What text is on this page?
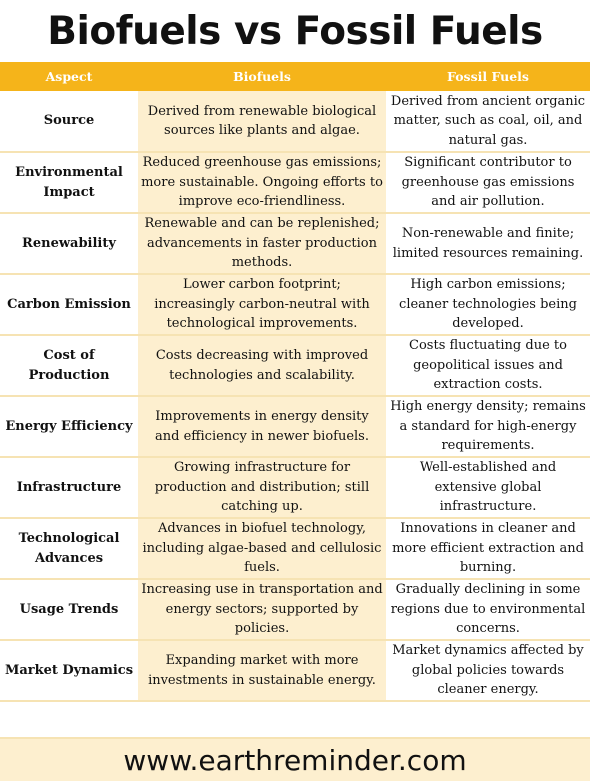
Biofuels vs Fossil Fuels
Aspect	Biofuels	Fossil Fuels
Source	Derived from renewable biological sources like plants and algae.	Derived from ancient organic matter, such as coal, oil, and natural gas.
Environmental Impact	Reduced greenhouse gas emissions; more sustainable. Ongoing efforts to improve eco-friendliness.	Significant contributor to greenhouse gas emissions and air pollution.
Renewability	Renewable and can be replenished; advancements in faster production methods.	Non-renewable and finite; limited resources remaining.
Carbon Emission	Lower carbon footprint; increasingly carbon-neutral with technological improvements.	High carbon emissions; cleaner technologies being developed.
Cost of Production	Costs decreasing with improved technologies and scalability.	Costs fluctuating due to geopolitical issues and extraction costs.
Energy Efficiency	Improvements in energy density and efficiency in newer biofuels.	High energy density; remains a standard for high-energy requirements.
Infrastructure	Growing infrastructure for production and distribution; still catching up.	Well-established and extensive global infrastructure.
Technological Advances	Advances in biofuel technology, including algae-based and cellulosic fuels.	Innovations in cleaner and more efficient extraction and burning.
Usage Trends	Increasing use in transportation and energy sectors; supported by policies.	Gradually declining in some regions due to environmental concerns.
Market Dynamics	Expanding market with more investments in sustainable energy.	Market dynamics affected by global policies towards cleaner energy.
www.earthreminder.com
